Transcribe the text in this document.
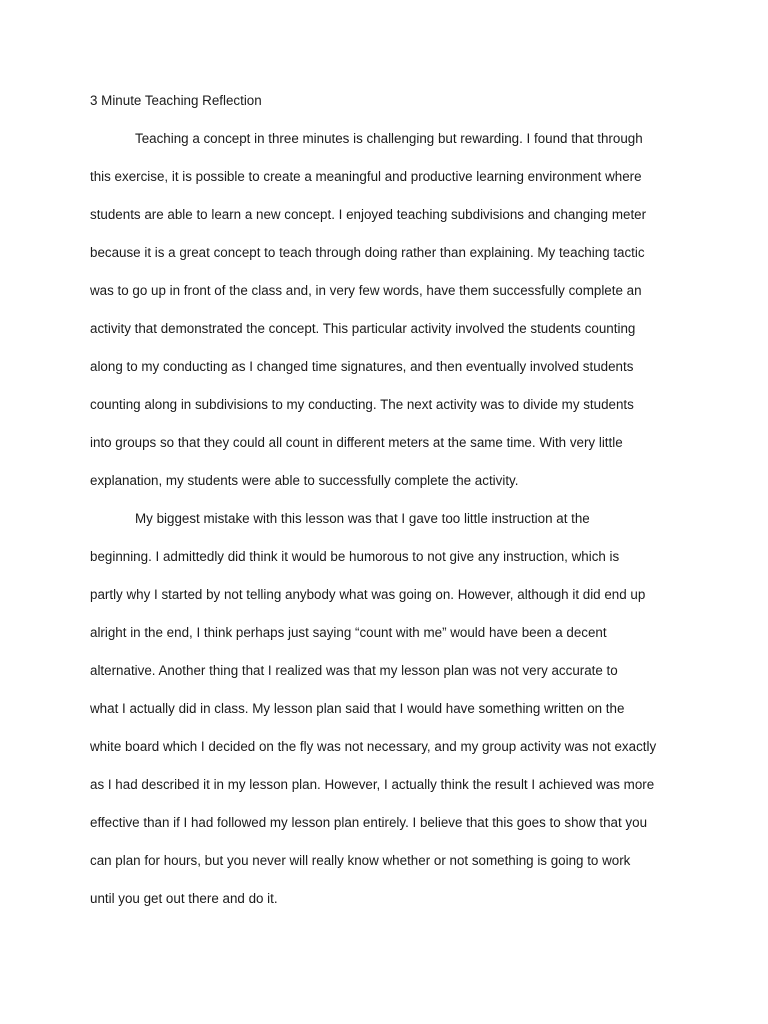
3 Minute Teaching Reflection
Teaching a concept in three minutes is challenging but rewarding. I found that through
this exercise, it is possible to create a meaningful and productive learning environment where
students are able to learn a new concept. I enjoyed teaching subdivisions and changing meter
because it is a great concept to teach through doing rather than explaining. My teaching tactic
was to go up in front of the class and, in very few words, have them successfully complete an
activity that demonstrated the concept. This particular activity involved the students counting
along to my conducting as I changed time signatures, and then eventually involved students
counting along in subdivisions to my conducting. The next activity was to divide my students
into groups so that they could all count in different meters at the same time. With very little
explanation, my students were able to successfully complete the activity.
My biggest mistake with this lesson was that I gave too little instruction at the
beginning. I admittedly did think it would be humorous to not give any instruction, which is
partly why I started by not telling anybody what was going on. However, although it did end up
alright in the end, I think perhaps just saying “count with me” would have been a decent
alternative. Another thing that I realized was that my lesson plan was not very accurate to
what I actually did in class. My lesson plan said that I would have something written on the
white board which I decided on the fly was not necessary, and my group activity was not exactly
as I had described it in my lesson plan. However, I actually think the result I achieved was more
effective than if I had followed my lesson plan entirely. I believe that this goes to show that you
can plan for hours, but you never will really know whether or not something is going to work
until you get out there and do it.
